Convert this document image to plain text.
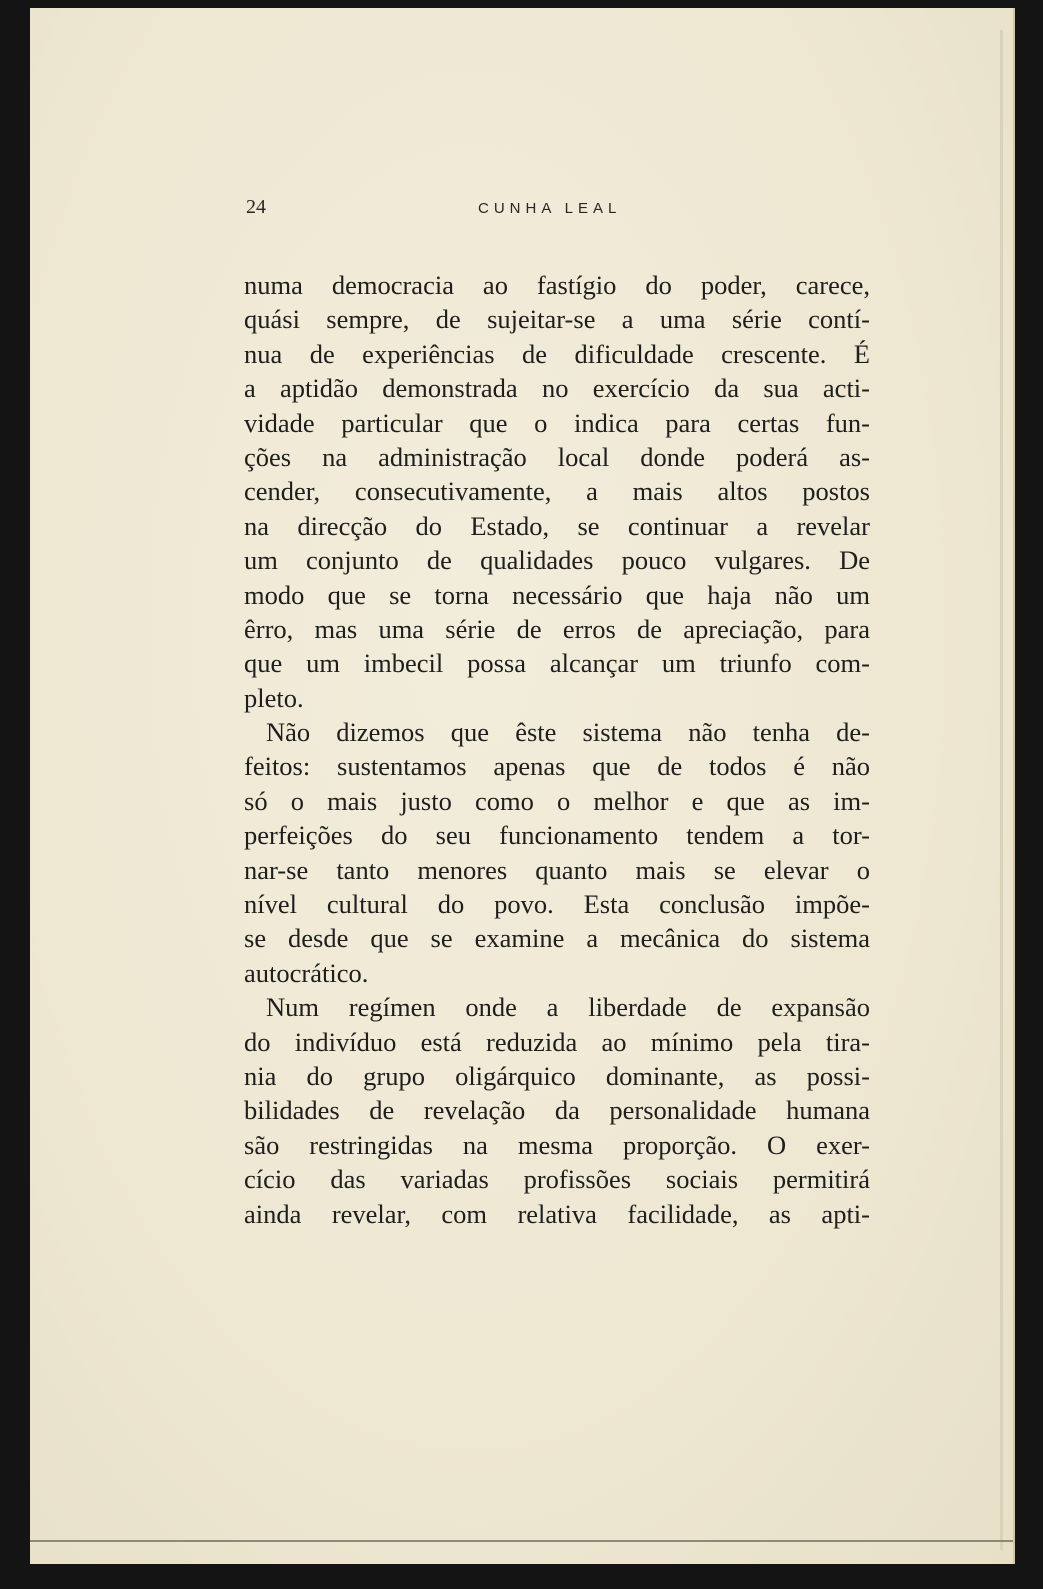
24	CUNHA LEAL
numa democracia ao fastígio do poder, carece,
quási sempre, de sujeitar-se a uma série contí-
nua de experiências de dificuldade crescente. É
a aptidão demonstrada no exercício da sua acti-
vidade particular que o indica para certas fun-
ções na administração local donde poderá as-
cender, consecutivamente, a mais altos postos
na direcção do Estado, se continuar a revelar
um conjunto de qualidades pouco vulgares. De
modo que se torna necessário que haja não um
êrro, mas uma série de erros de apreciação, para
que um imbecil possa alcançar um triunfo com-
pleto.
Não dizemos que êste sistema não tenha de-
feitos: sustentamos apenas que de todos é não
só o mais justo como o melhor e que as im-
perfeições do seu funcionamento tendem a tor-
nar-se tanto menores quanto mais se elevar o
nível cultural do povo. Esta conclusão impõe-
se desde que se examine a mecânica do sistema
autocrático.
Num regímen onde a liberdade de expansão
do indivíduo está reduzida ao mínimo pela tira-
nia do grupo oligárquico dominante, as possi-
bilidades de revelação da personalidade humana
são restringidas na mesma proporção. O exer-
cício das variadas profissões sociais permitirá
ainda revelar, com relativa facilidade, as apti-
